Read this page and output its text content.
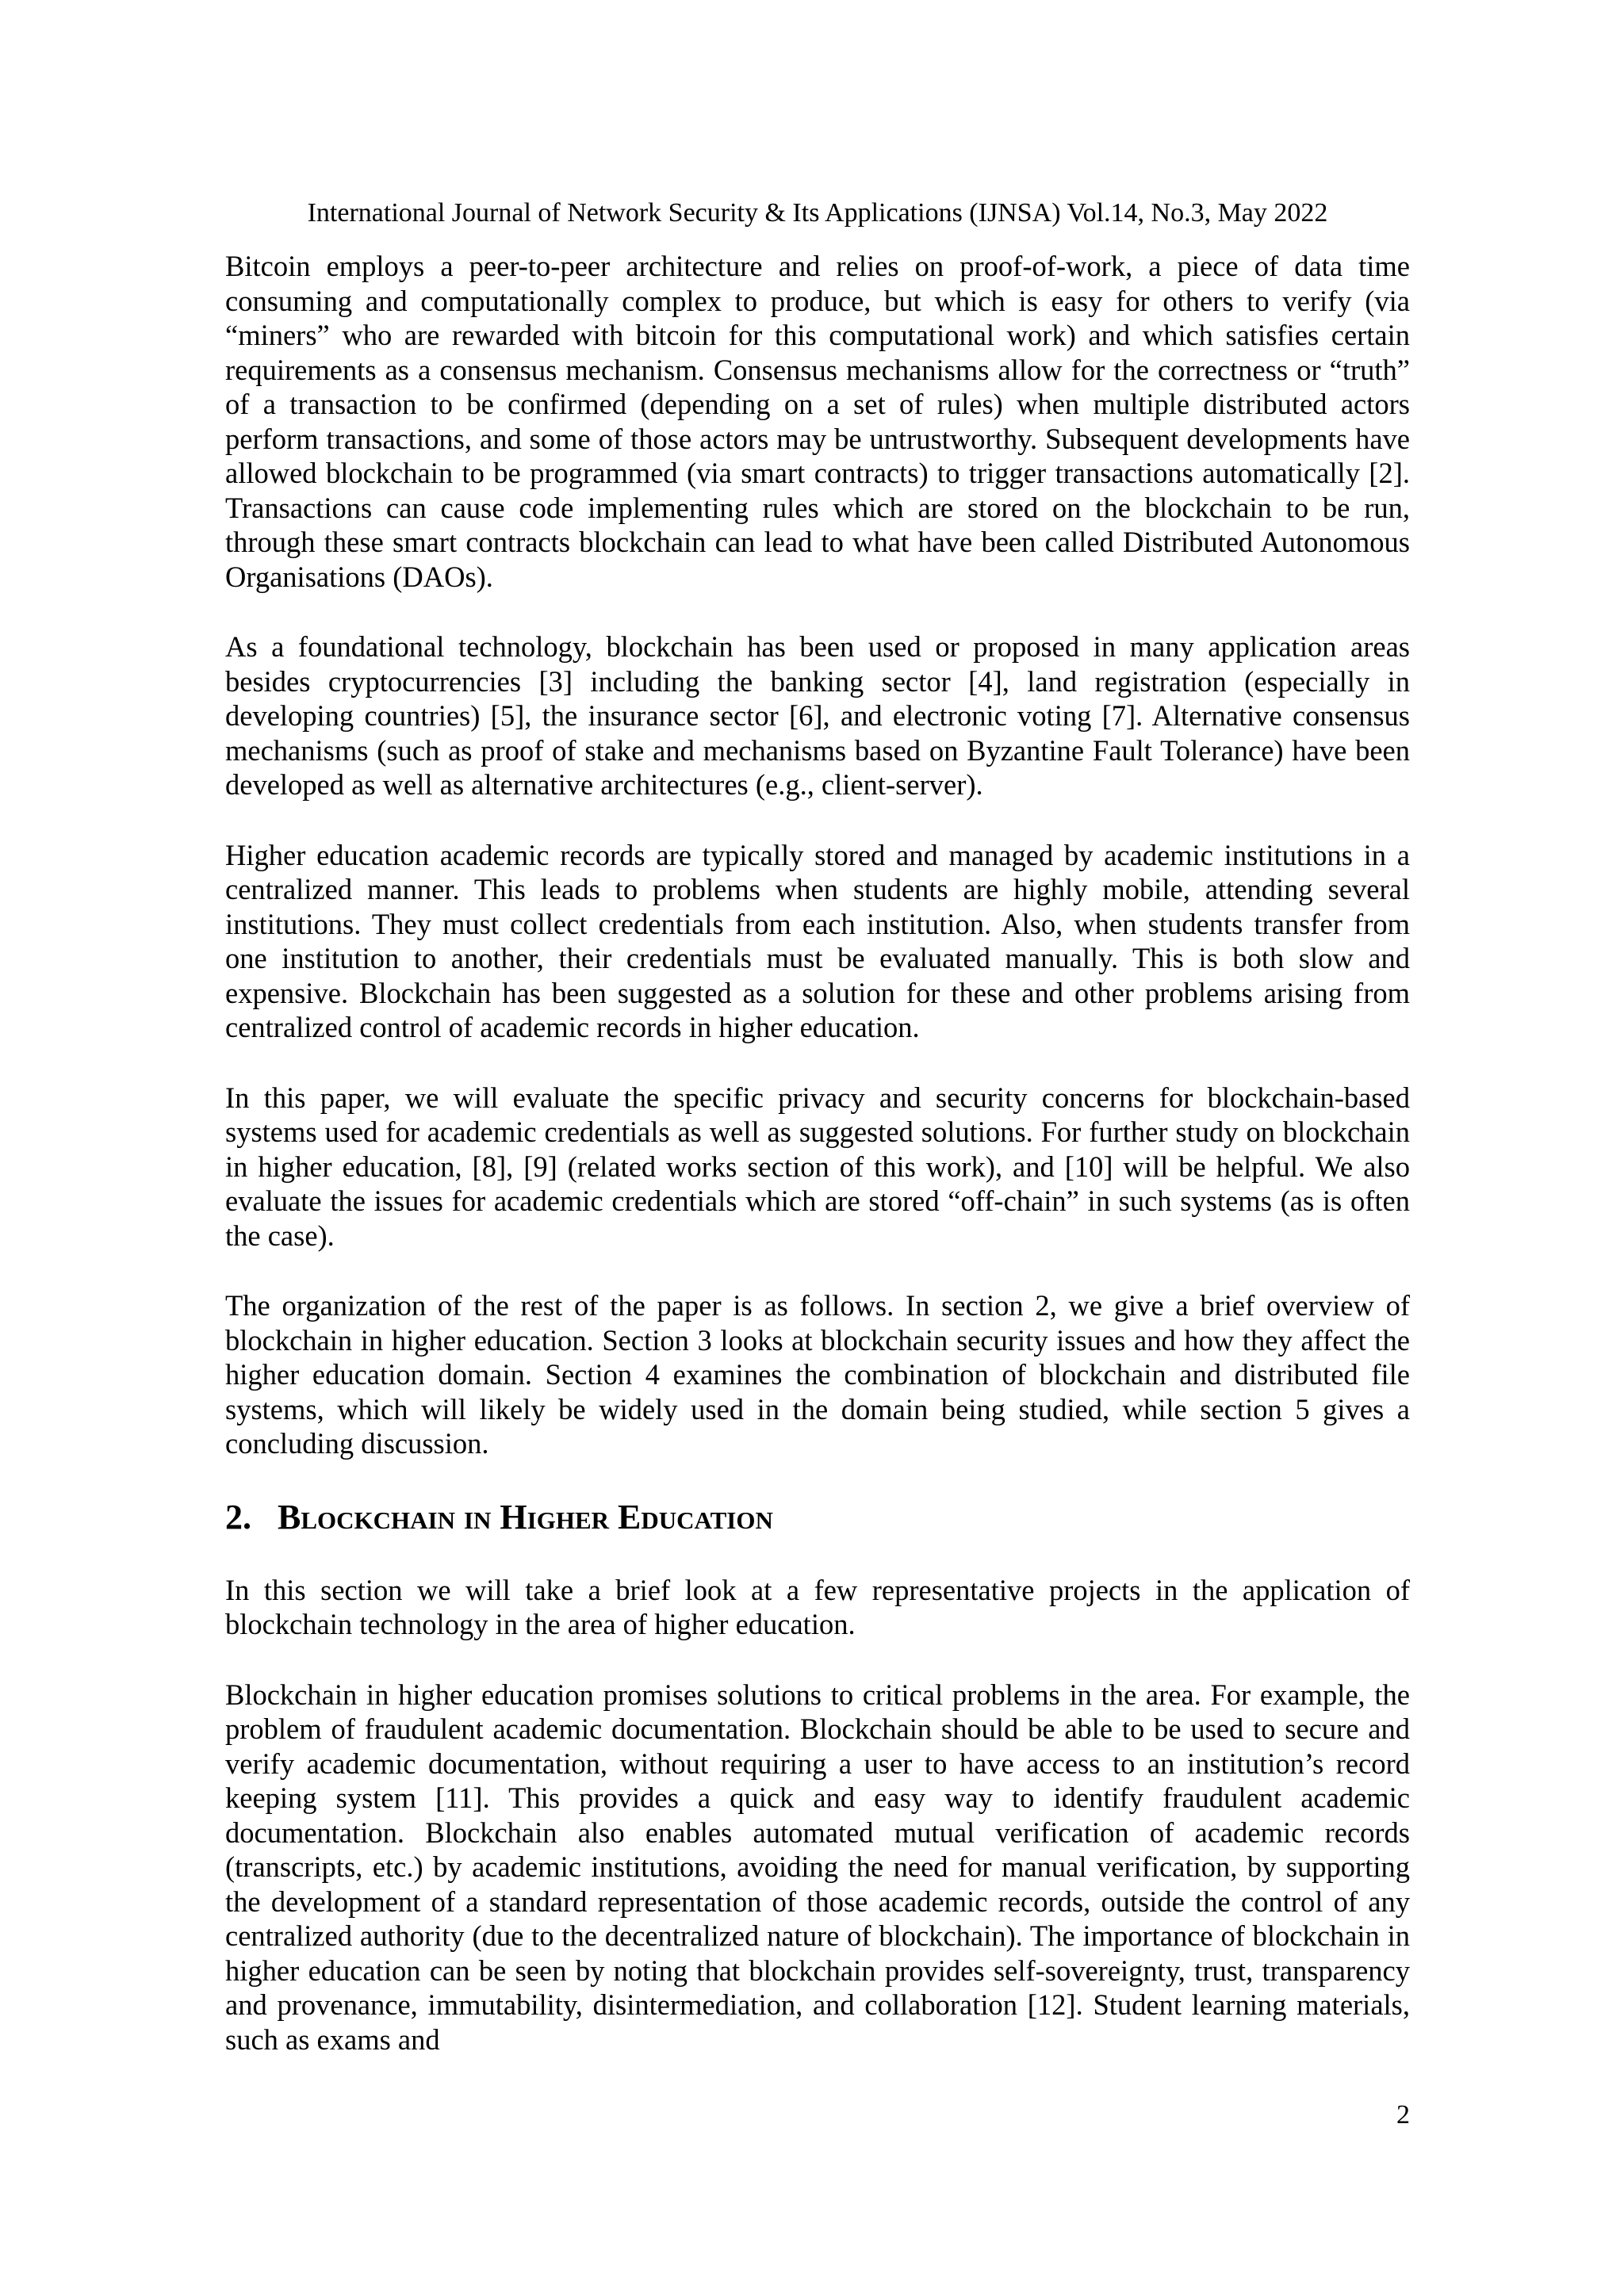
International Journal of Network Security & Its Applications (IJNSA) Vol.14, No.3, May 2022

Bitcoin employs a peer-to-peer architecture and relies on proof-of-work, a piece of data time consuming and computationally complex to produce, but which is easy for others to verify (via “miners” who are rewarded with bitcoin for this computational work) and which satisfies certain requirements as a consensus mechanism. Consensus mechanisms allow for the correctness or “truth” of a transaction to be confirmed (depending on a set of rules) when multiple distributed actors perform transactions, and some of those actors may be untrustworthy. Subsequent developments have allowed blockchain to be programmed (via smart contracts) to trigger transactions automatically [2]. Transactions can cause code implementing rules which are stored on the blockchain to be run, through these smart contracts blockchain can lead to what have been called Distributed Autonomous Organisations (DAOs).

As a foundational technology, blockchain has been used or proposed in many application areas besides cryptocurrencies [3] including the banking sector [4], land registration (especially in developing countries) [5], the insurance sector [6], and electronic voting [7]. Alternative consensus mechanisms (such as proof of stake and mechanisms based on Byzantine Fault Tolerance) have been developed as well as alternative architectures (e.g., client-server).

Higher education academic records are typically stored and managed by academic institutions in a centralized manner. This leads to problems when students are highly mobile, attending several institutions. They must collect credentials from each institution. Also, when students transfer from one institution to another, their credentials must be evaluated manually. This is both slow and expensive. Blockchain has been suggested as a solution for these and other problems arising from centralized control of academic records in higher education.

In this paper, we will evaluate the specific privacy and security concerns for blockchain-based systems used for academic credentials as well as suggested solutions. For further study on blockchain in higher education, [8], [9] (related works section of this work), and [10] will be helpful. We also evaluate the issues for academic credentials which are stored “off-chain” in such systems (as is often the case).

The organization of the rest of the paper is as follows. In section 2, we give a brief overview of blockchain in higher education. Section 3 looks at blockchain security issues and how they affect the higher education domain. Section 4 examines the combination of blockchain and distributed file systems, which will likely be widely used in the domain being studied, while section 5 gives a concluding discussion.

2. Blockchain in Higher Education

In this section we will take a brief look at a few representative projects in the application of blockchain technology in the area of higher education.

Blockchain in higher education promises solutions to critical problems in the area. For example, the problem of fraudulent academic documentation. Blockchain should be able to be used to secure and verify academic documentation, without requiring a user to have access to an institution’s record keeping system [11]. This provides a quick and easy way to identify fraudulent academic documentation. Blockchain also enables automated mutual verification of academic records (transcripts, etc.) by academic institutions, avoiding the need for manual verification, by supporting the development of a standard representation of those academic records, outside the control of any centralized authority (due to the decentralized nature of blockchain). The importance of blockchain in higher education can be seen by noting that blockchain provides self-sovereignty, trust, transparency and provenance, immutability, disintermediation, and collaboration [12]. Student learning materials, such as exams and

2
